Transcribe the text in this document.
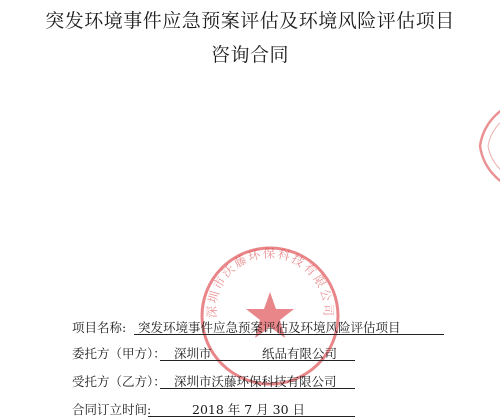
突发环境事件应急预案评估及环境风险评估项目
咨询合同
深圳市沃藤环保科技有限公司
项目名称: 突发环境事件应急预案评估及环境风险评估项目
委托方（甲方）： 深圳市	纸品有限公司
受托方（乙方）： 深圳市沃藤环保科技有限公司
合同订立时间:	2018 年 7 月 30 日
